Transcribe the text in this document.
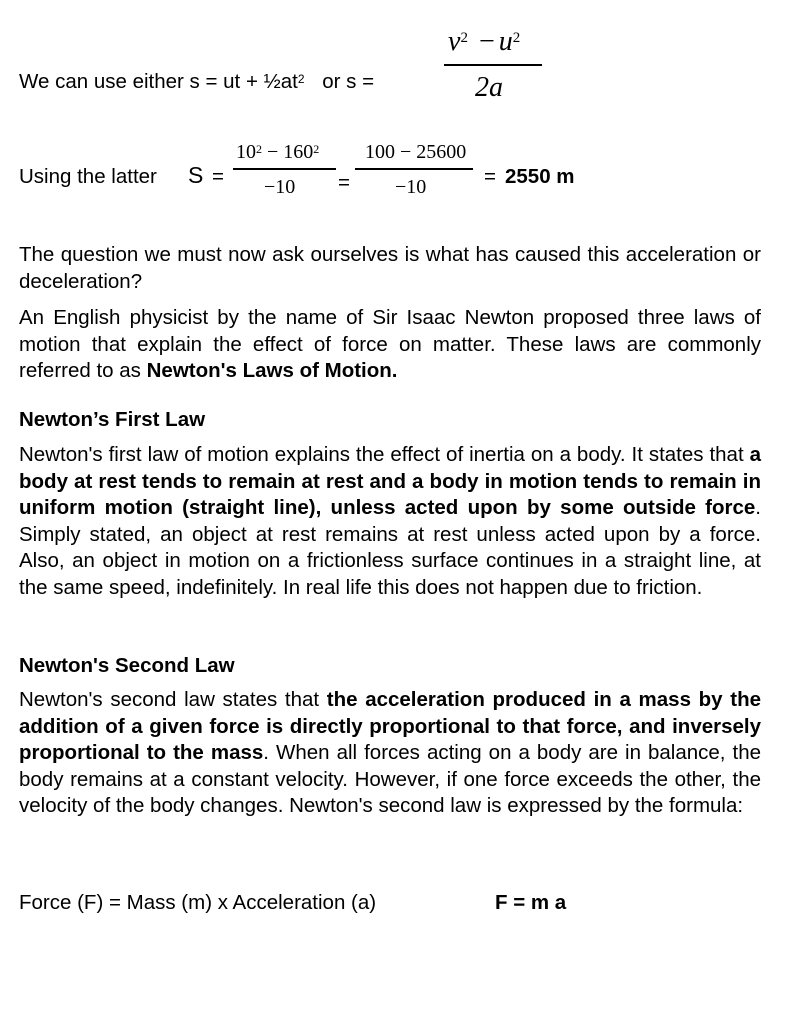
We can use either s = ut + $\frac{1}{2}at^2$ or s =
$v^2 - u^2$
2a
Using the latter S =
$10^2 - 160^2$
−10 =
100 − 25600
−10	= 2550 m

The question we must now ask ourselves is what has caused this acceleration or deceleration?

An English physicist by the name of Sir Isaac Newton proposed three laws of motion that explain the effect of force on matter. These laws are commonly referred to as Newton's Laws of Motion.

Newton’s First Law

Newton's first law of motion explains the effect of inertia on a body. It states that a body at rest tends to remain at rest and a body in motion tends to remain in uniform motion (straight line), unless acted upon by some outside force. Simply stated, an object at rest remains at rest unless acted upon by a force. Also, an object in motion on a frictionless surface continues in a straight line, at the same speed, indefinitely. In real life this does not happen due to friction.

Newton's Second Law

Newton's second law states that the acceleration produced in a mass by the addition of a given force is directly proportional to that force, and inversely proportional to the mass. When all forces acting on a body are in balance, the body remains at a constant velocity. However, if one force exceeds the other, the velocity of the body changes. Newton's second law is expressed by the formula:

Force (F) = Mass (m) x Acceleration (a)	F = m a
